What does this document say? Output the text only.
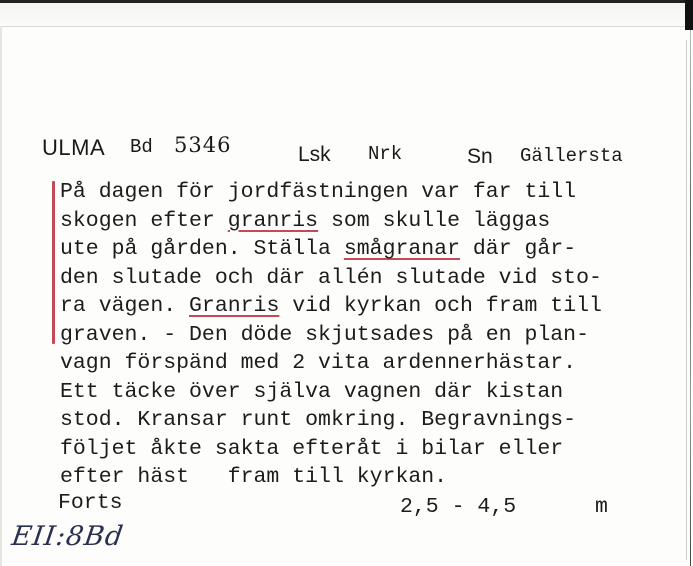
ULMA Bd 5346	Lsk Nrk	Sn Gällersta
På dagen för jordfästningen var far till
skogen efter granris som skulle läggas
ute på gården. Ställa smågranar där går-
den slutade och där allén slutade vid sto-
ra vägen. Granris vid kyrkan och fram till
graven. - Den döde skjutsades på en plan-
vagn förspänd med 2 vita ardennerhästar.
Ett täcke över själva vagnen där kistan
stod. Kransar runt omkring. Begravnings-
följet åkte sakta efteråt i bilar eller
efter häst   fram till kyrkan.
Forts	2,5 - 4,5	m
EII:8Bd
